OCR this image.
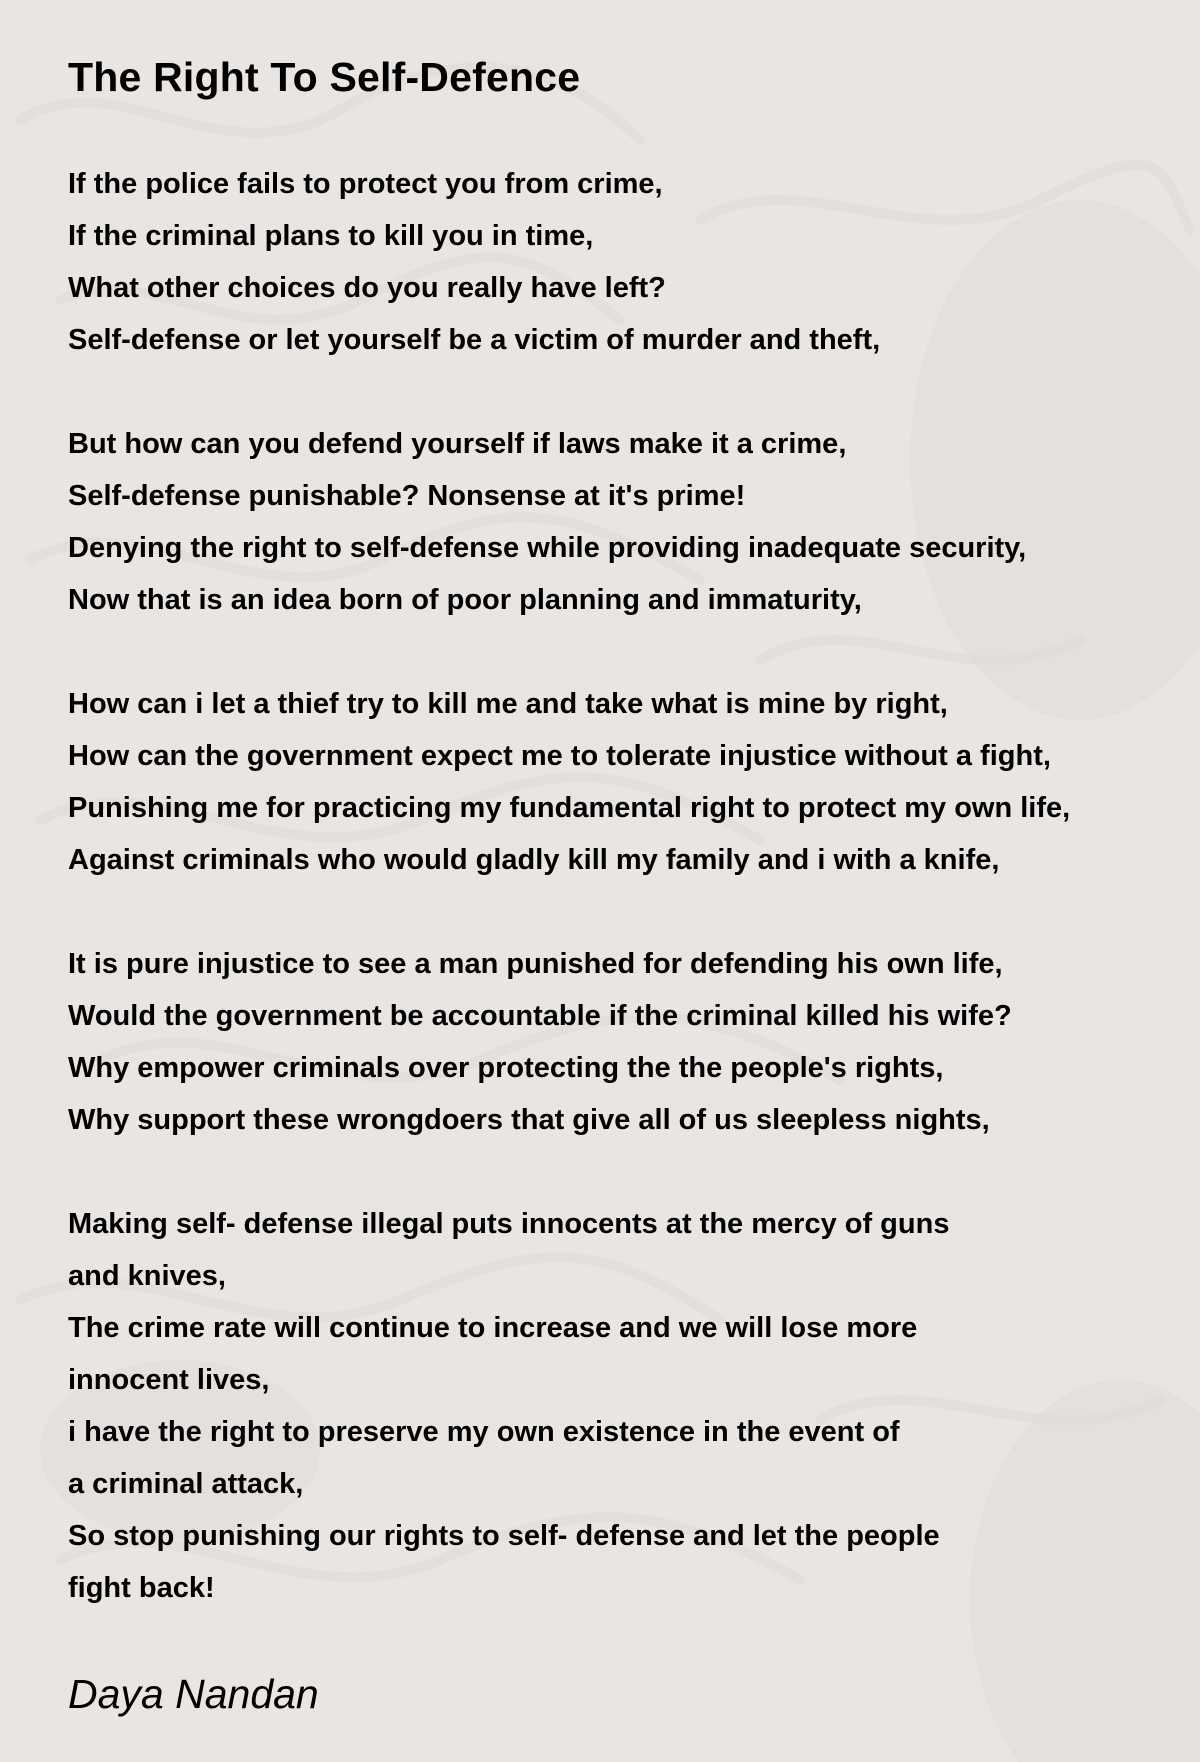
The Right To Self-Defence
If the police fails to protect you from crime,
If the criminal plans to kill you in time,
What other choices do you really have left?
Self-defense or let yourself be a victim of murder and theft,
But how can you defend yourself if laws make it a crime,
Self-defense punishable? Nonsense at it's prime!
Denying the right to self-defense while providing inadequate security,
Now that is an idea born of poor planning and immaturity,
How can i let a thief try to kill me and take what is mine by right,
How can the government expect me to tolerate injustice without a fight,
Punishing me for practicing my fundamental right to protect my own life,
Against criminals who would gladly kill my family and i with a knife,
It is pure injustice to see a man punished for defending his own life,
Would the government be accountable if the criminal killed his wife?
Why empower criminals over protecting the the people's rights,
Why support these wrongdoers that give all of us sleepless nights,
Making self- defense illegal puts innocents at the mercy of guns
and knives,
The crime rate will continue to increase and we will lose more
innocent lives,
i have the right to preserve my own existence in the event of
a criminal attack,
So stop punishing our rights to self- defense and let the people
fight back!
Daya Nandan
